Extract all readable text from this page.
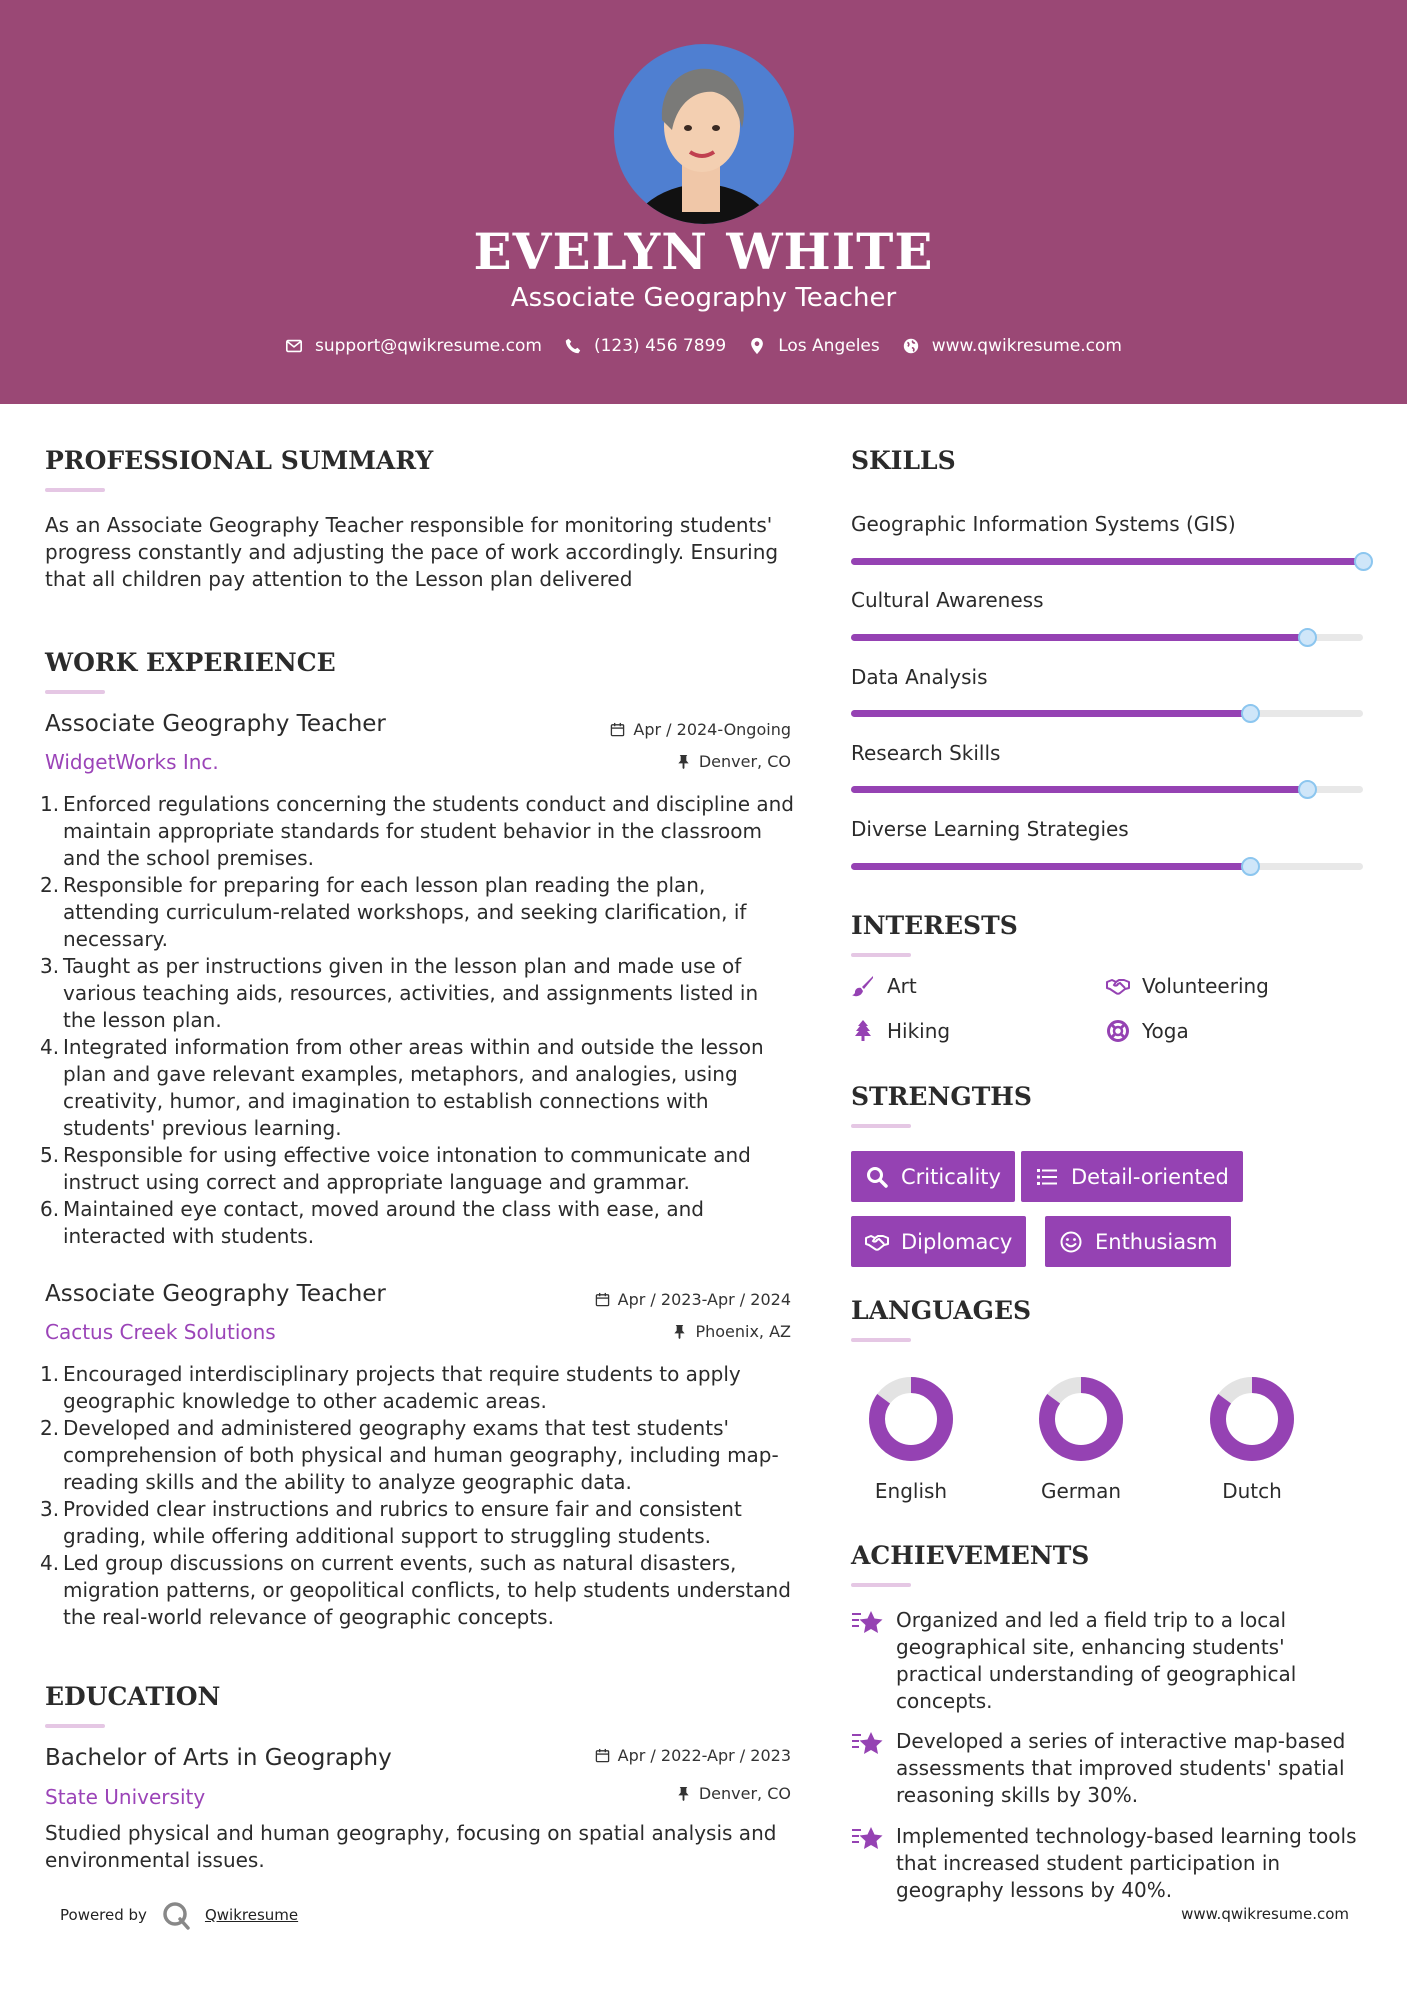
EVELYN WHITE
Associate Geography Teacher
support@qwikresume.com	(123) 456 7899	Los Angeles	www.qwikresume.com
PROFESSIONAL SUMMARY
As an Associate Geography Teacher responsible for monitoring students' progress constantly and adjusting the pace of work accordingly. Ensuring that all children pay attention to the Lesson plan delivered
WORK EXPERIENCE
Associate Geography Teacher	Apr / 2024-Ongoing
WidgetWorks Inc.	Denver, CO
1. Enforced regulations concerning the students conduct and discipline and maintain appropriate standards for student behavior in the classroom and the school premises.
2. Responsible for preparing for each lesson plan reading the plan, attending curriculum-related workshops, and seeking clarification, if necessary.
3. Taught as per instructions given in the lesson plan and made use of various teaching aids, resources, activities, and assignments listed in the lesson plan.
4. Integrated information from other areas within and outside the lesson plan and gave relevant examples, metaphors, and analogies, using creativity, humor, and imagination to establish connections with students' previous learning.
5. Responsible for using effective voice intonation to communicate and instruct using correct and appropriate language and grammar.
6. Maintained eye contact, moved around the class with ease, and interacted with students.
Associate Geography Teacher	Apr / 2023-Apr / 2024
Cactus Creek Solutions	Phoenix, AZ
1. Encouraged interdisciplinary projects that require students to apply geographic knowledge to other academic areas.
2. Developed and administered geography exams that test students' comprehension of both physical and human geography, including map-reading skills and the ability to analyze geographic data.
3. Provided clear instructions and rubrics to ensure fair and consistent grading, while offering additional support to struggling students.
4. Led group discussions on current events, such as natural disasters, migration patterns, or geopolitical conflicts, to help students understand the real-world relevance of geographic concepts.
EDUCATION
Bachelor of Arts in Geography	Apr / 2022-Apr / 2023
State University	Denver, CO
Studied physical and human geography, focusing on spatial analysis and environmental issues.
SKILLS
Geographic Information Systems (GIS)
Cultural Awareness
Data Analysis
Research Skills
Diverse Learning Strategies
INTERESTS
Art	Volunteering
Hiking	Yoga
STRENGTHS
Criticality	Detail-oriented
Diplomacy	Enthusiasm
LANGUAGES
English	German	Dutch
ACHIEVEMENTS
Organized and led a field trip to a local geographical site, enhancing students' practical understanding of geographical concepts.
Developed a series of interactive map-based assessments that improved students' spatial reasoning skills by 30%.
Implemented technology-based learning tools that increased student participation in geography lessons by 40%.
Powered by	Qwikresume	www.qwikresume.com
